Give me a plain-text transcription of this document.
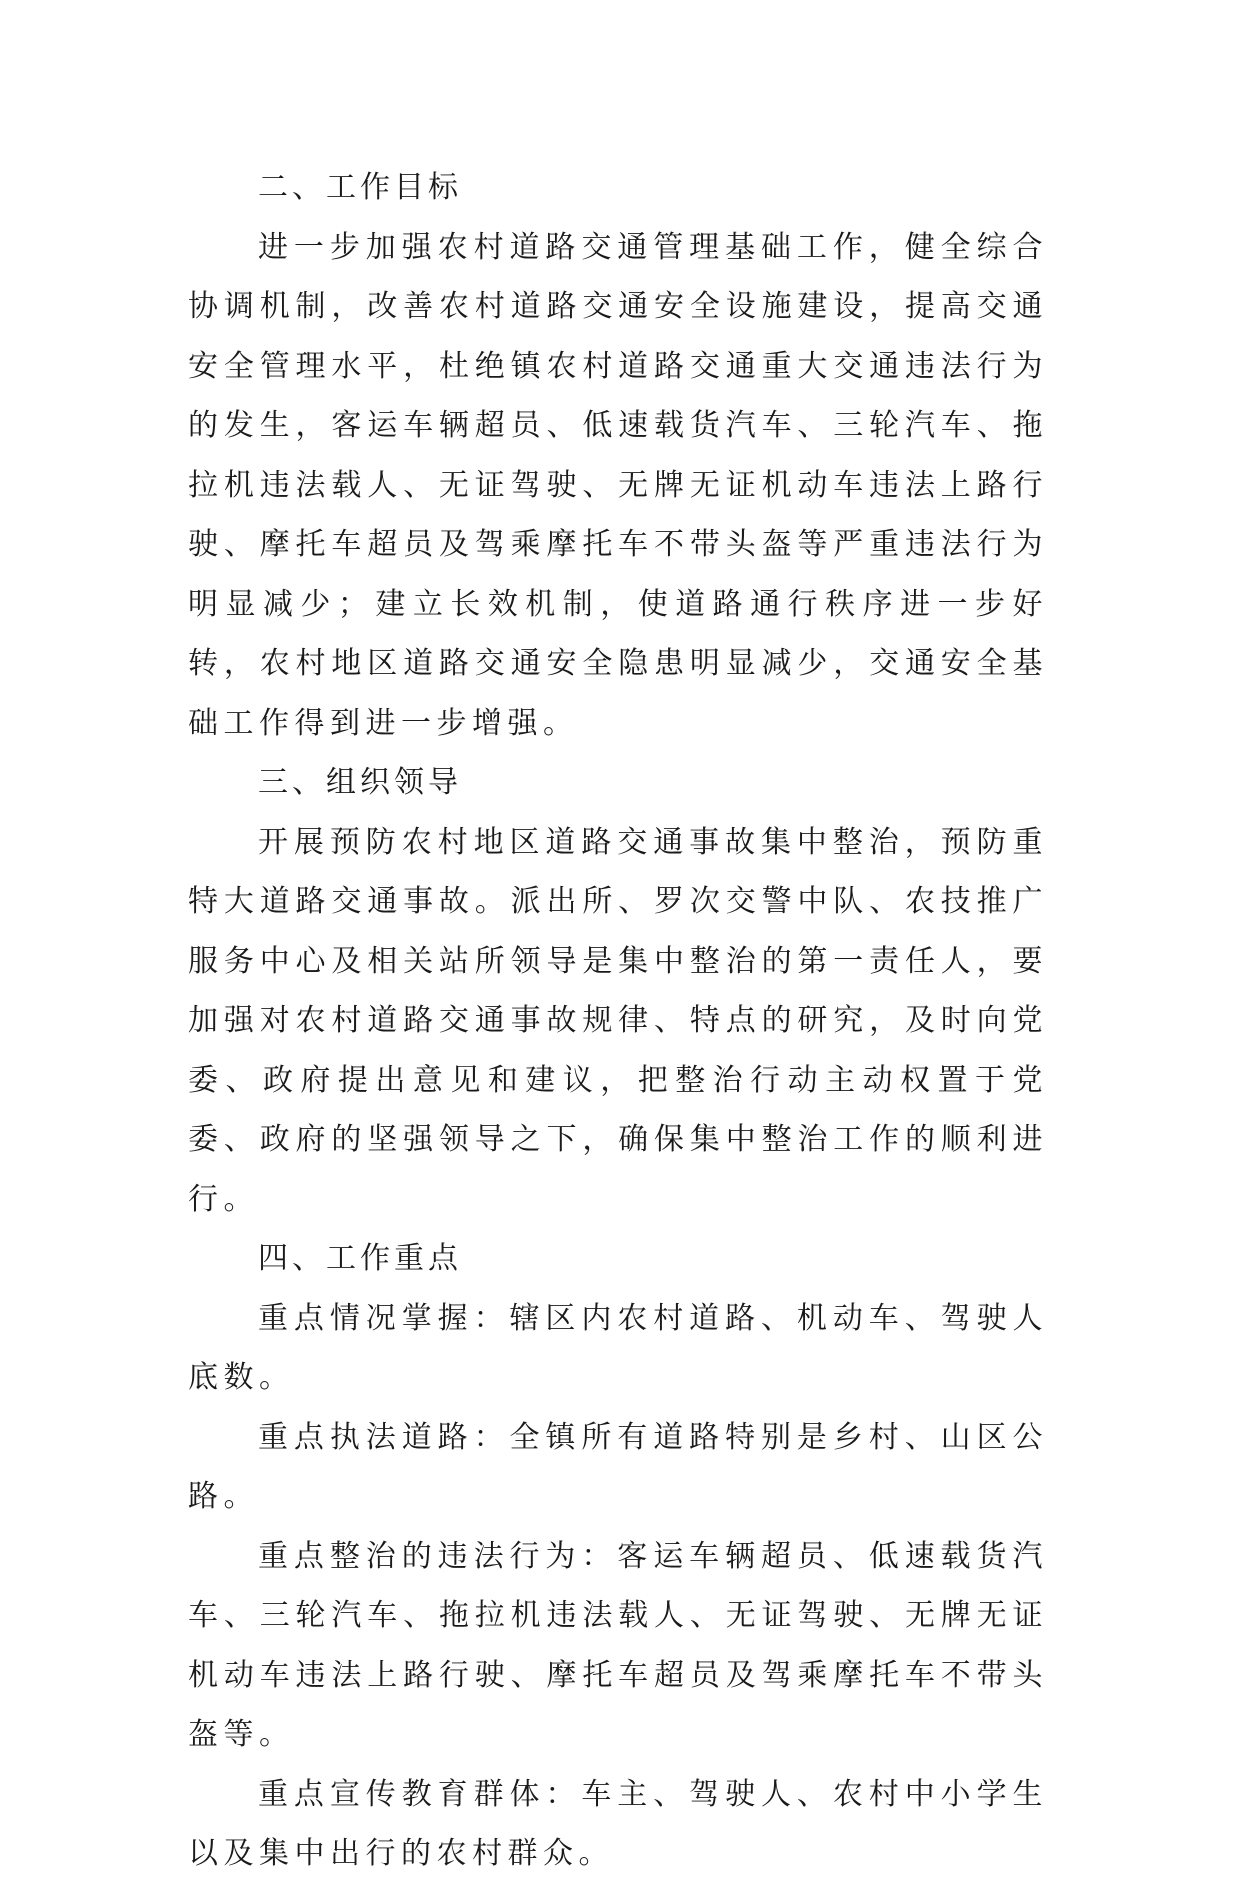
二、工作目标

进一步加强农村道路交通管理基础工作，健全综合协调机制，改善农村道路交通安全设施建设，提高交通安全管理水平，杜绝镇农村道路交通重大交通违法行为的发生，客运车辆超员、低速载货汽车、三轮汽车、拖拉机违法载人、无证驾驶、无牌无证机动车违法上路行驶、摩托车超员及驾乘摩托车不带头盔等严重违法行为明显减少；建立长效机制，使道路通行秩序进一步好转，农村地区道路交通安全隐患明显减少，交通安全基础工作得到进一步增强。

三、组织领导

开展预防农村地区道路交通事故集中整治，预防重特大道路交通事故。派出所、罗次交警中队、农技推广服务中心及相关站所领导是集中整治的第一责任人，要加强对农村道路交通事故规律、特点的研究，及时向党委、政府提出意见和建议，把整治行动主动权置于党委、政府的坚强领导之下，确保集中整治工作的顺利进行。

四、工作重点

重点情况掌握：辖区内农村道路、机动车、驾驶人底数。

重点执法道路：全镇所有道路特别是乡村、山区公路。

重点整治的违法行为：客运车辆超员、低速载货汽车、三轮汽车、拖拉机违法载人、无证驾驶、无牌无证机动车违法上路行驶、摩托车超员及驾乘摩托车不带头盔等。

重点宣传教育群体：车主、驾驶人、农村中小学生以及集中出行的农村群众。
